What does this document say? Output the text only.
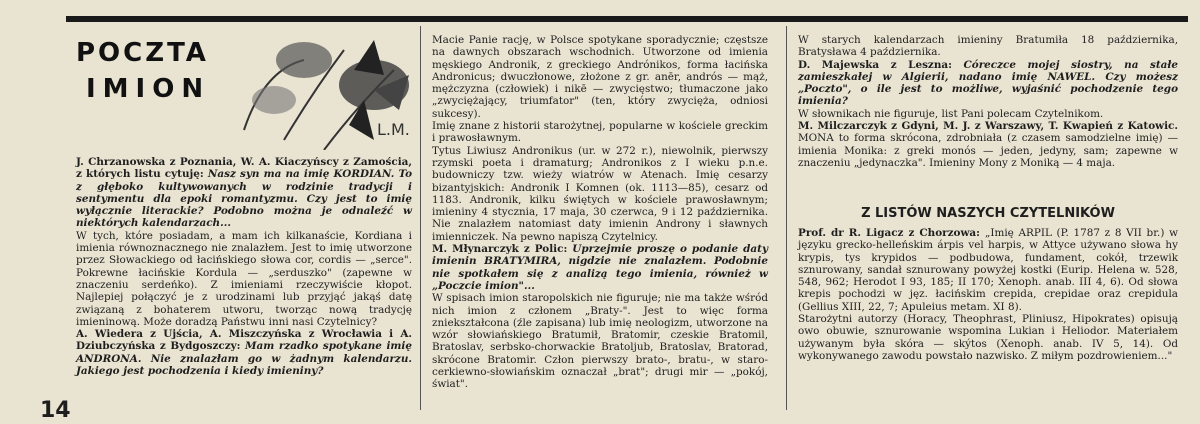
POCZTA
IMION
L.M.

J. Chrzanowska z Poznania, W. A. Kiaczyńscy z Zamościa, z których listu cytuję: Nasz syn ma na imię KORDIAN. To z głęboko kultywowanych w rodzinie tradycji i sentymentu dla epoki romantyzmu. Czy jest to imię wyłącznie literackie? Podobno można je odnaleźć w niektórych kalendarzach...

W tych, które posiadam, a mam ich kilkanaście, Kordiana i imienia równoznacznego nie znalazłem. Jest to imię utworzone przez Słowackiego od łacińskiego słowa cor, cordis — „serce". Pokrewne łacińskie Kordula — „serduszko" (zapewne w znaczeniu serdeńko). Z imieniami rzeczywiście kłopot. Najlepiej połączyć je z urodzinami lub przyjąć jakąś datę związaną z bohaterem utworu, tworząc nową tradycję imieninową. Może doradzą Państwu inni nasi Czytelnicy?

A. Wiedera z Ujścia, A. Miszczyńska z Wrocławia i A. Dziubczyńska z Bydgoszczy: Mam rzadko spotykane imię ANDRONA. Nie znalazłam go w żadnym kalendarzu. Jakiego jest pochodzenia i kiedy imieniny?

Macie Panie rację, w Polsce spotykane sporadycznie; częstsze na dawnych obszarach wschodnich. Utworzone od imienia męskiego Andronik, z greckiego Andrónikos, forma łacińska Andronicus; dwuczłonowe, złożone z gr. anēr, andrós — mąż, mężczyzna (człowiek) i nikē — zwycięstwo; tłumaczone jako „zwyciężający, triumfator" (ten, który zwycięża, odniosi sukcesy).

Imię znane z historii starożytnej, popularne w kościele greckim i prawosławnym.

Tytus Liwiusz Andronikus (ur. w 272 r.), niewolnik, pierwszy rzymski poeta i dramaturg; Andronikos z I wieku p.n.e. budowniczy tzw. wieży wiatrów w Atenach. Imię cesarzy bizantyjskich: Andronik I Komnen (ok. 1113—85), cesarz od 1183. Andronik, kilku świętych w kościele prawosławnym; imieniny 4 stycznia, 17 maja, 30 czerwca, 9 i 12 października. Nie znalazłem natomiast daty imienin Androny i sławnych imienniczek. Na pewno napiszą Czytelnicy.

M. Młynarczyk z Polic: Uprzejmie proszę o podanie daty imienin BRATYMIRA, nigdzie nie znalazłem. Podobnie nie spotkałem się z analizą tego imienia, również w „Poczcie imion"...

W spisach imion staropolskich nie figuruje; nie ma także wśród nich imion z członem „Braty-". Jest to więc forma zniekształcona (źle zapisana) lub imię neologizm, utworzone na wzór słowiańskiego Bratumił, Bratomir, czeskie Bratomil, Bratoslav, serbsko-chorwackie Bratoljub, Bratoslav, Bratorad, skrócone Bratomir. Człon pierwszy brato-, bratu-, w staro-cerkiewno-słowiańskim oznaczał „brat"; drugi mir — „pokój, świat".

W starych kalendarzach imieniny Bratumiła 18 października, Bratysława 4 października.

D. Majewska z Leszna: Córeczce mojej siostry, na stałe zamieszkałej w Algierii, nadano imię NAWEL. Czy możesz „Poczto", o ile jest to możliwe, wyjaśnić pochodzenie tego imienia?

W słownikach nie figuruje, list Pani polecam Czytelnikom.

M. Milczarczyk z Gdyni, M. J. z Warszawy, T. Kwapień z Katowic. MONA to forma skrócona, zdrobniała (z czasem samodzielne imię) — imienia Monika: z greki monós — jeden, jedyny, sam; zapewne w znaczeniu „jedynaczka". Imieniny Mony z Moniką — 4 maja.

Z LISTÓW NASZYCH CZYTELNIKÓW

Prof. dr R. Ligacz z Chorzowa: „Imię ARPIL (P. 1787 z 8 VII br.) w języku grecko-helleńskim árpis vel harpis, w Attyce używano słowa hy krypis, tys krypidos — podbudowa, fundament, cokół, trzewik sznurowany, sandał sznurowany powyżej kostki (Eurip. Helena w. 528, 548, 962; Herodot I 93, 185; II 170; Xenoph. anab. III 4, 6). Od słowa krepis pochodzi w jęz. łacińskim crepida, crepidae oraz crepidula (Gellius XIII, 22, 7; Apuleius metam. XI 8).

Starożytni autorzy (Horacy, Theophrast, Pliniusz, Hipokrates) opisują owo obuwie, sznurowanie wspomina Lukian i Heliodor. Materiałem używanym była skóra — skýtos (Xenoph. anab. IV 5, 14). Od wykonywanego zawodu powstało nazwisko. Z miłym pozdrowieniem..."

14
